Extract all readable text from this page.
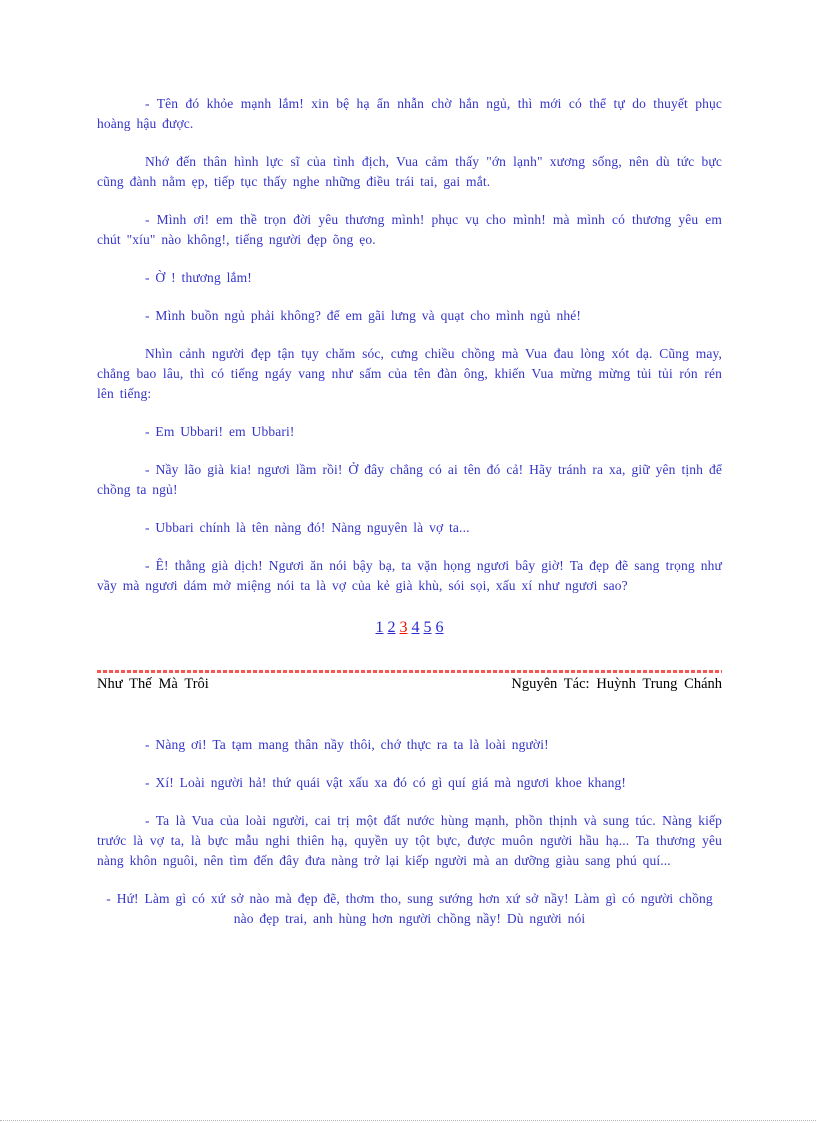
- Tên đó khỏe mạnh lắm! xin bệ hạ ẩn nhẫn chờ hắn ngủ, thì mới có thể tự do thuyết phục hoàng hậu được.

Nhớ đến thân hình lực sĩ của tình địch, Vua cảm thấy "ớn lạnh" xương sống, nên dù tức bực cũng đành nằm ẹp, tiếp tục thấy nghe những điều trái tai, gai mắt.

- Mình ơi! em thề trọn đời yêu thương mình! phục vụ cho mình! mà mình có thương yêu em chút "xíu" nào không!, tiếng người đẹp õng ẹo.

- Ờ ! thương lắm!

- Mình buồn ngủ phải không? để em gãi lưng và quạt cho mình ngủ nhé!

Nhìn cảnh người đẹp tận tụy chăm sóc, cưng chiều chồng mà Vua đau lòng xót dạ. Cũng may, chẳng bao lâu, thì có tiếng ngáy vang như sấm của tên đàn ông, khiến Vua mừng mừng tủi tủi rón rén lên tiếng:

- Em Ubbari! em Ubbari!

- Nầy lão già kia! ngươi lầm rồi! Ở đây chẳng có ai tên đó cả! Hãy tránh ra xa, giữ yên tịnh để chồng ta ngủ!

- Ubbari chính là tên nàng đó! Nàng nguyên là vợ ta...

- Ê! thằng già dịch! Ngươi ăn nói bậy bạ, ta vặn họng ngươi bây giờ! Ta đẹp đẽ sang trọng như vầy mà ngươi dám mở miệng nói ta là vợ của kẻ già khù, sói sọi, xấu xí như ngươi sao?

1 2 3 4 5 6
Như Thế Mà Trôi	Nguyên Tác: Huỳnh Trung Chánh

- Nàng ơi! Ta tạm mang thân nầy thôi, chớ thực ra ta là loài người!

- Xí! Loài người hả! thứ quái vật xấu xa đó có gì quí giá mà ngươi khoe khang!

- Ta là Vua của loài người, cai trị một đất nước hùng mạnh, phồn thịnh và sung túc. Nàng kiếp trước là vợ ta, là bực mẫu nghi thiên hạ, quyền uy tột bực, được muôn người hầu hạ... Ta thương yêu nàng khôn nguôi, nên tìm đến đây đưa nàng trở lại kiếp người mà an dưỡng giàu sang phú quí...

- Hứ! Làm gì có xứ sở nào mà đẹp đẽ, thơm tho, sung sướng hơn xứ sở nầy! Làm gì có người chồng nào đẹp trai, anh hùng hơn người chồng nầy! Dù người nói
